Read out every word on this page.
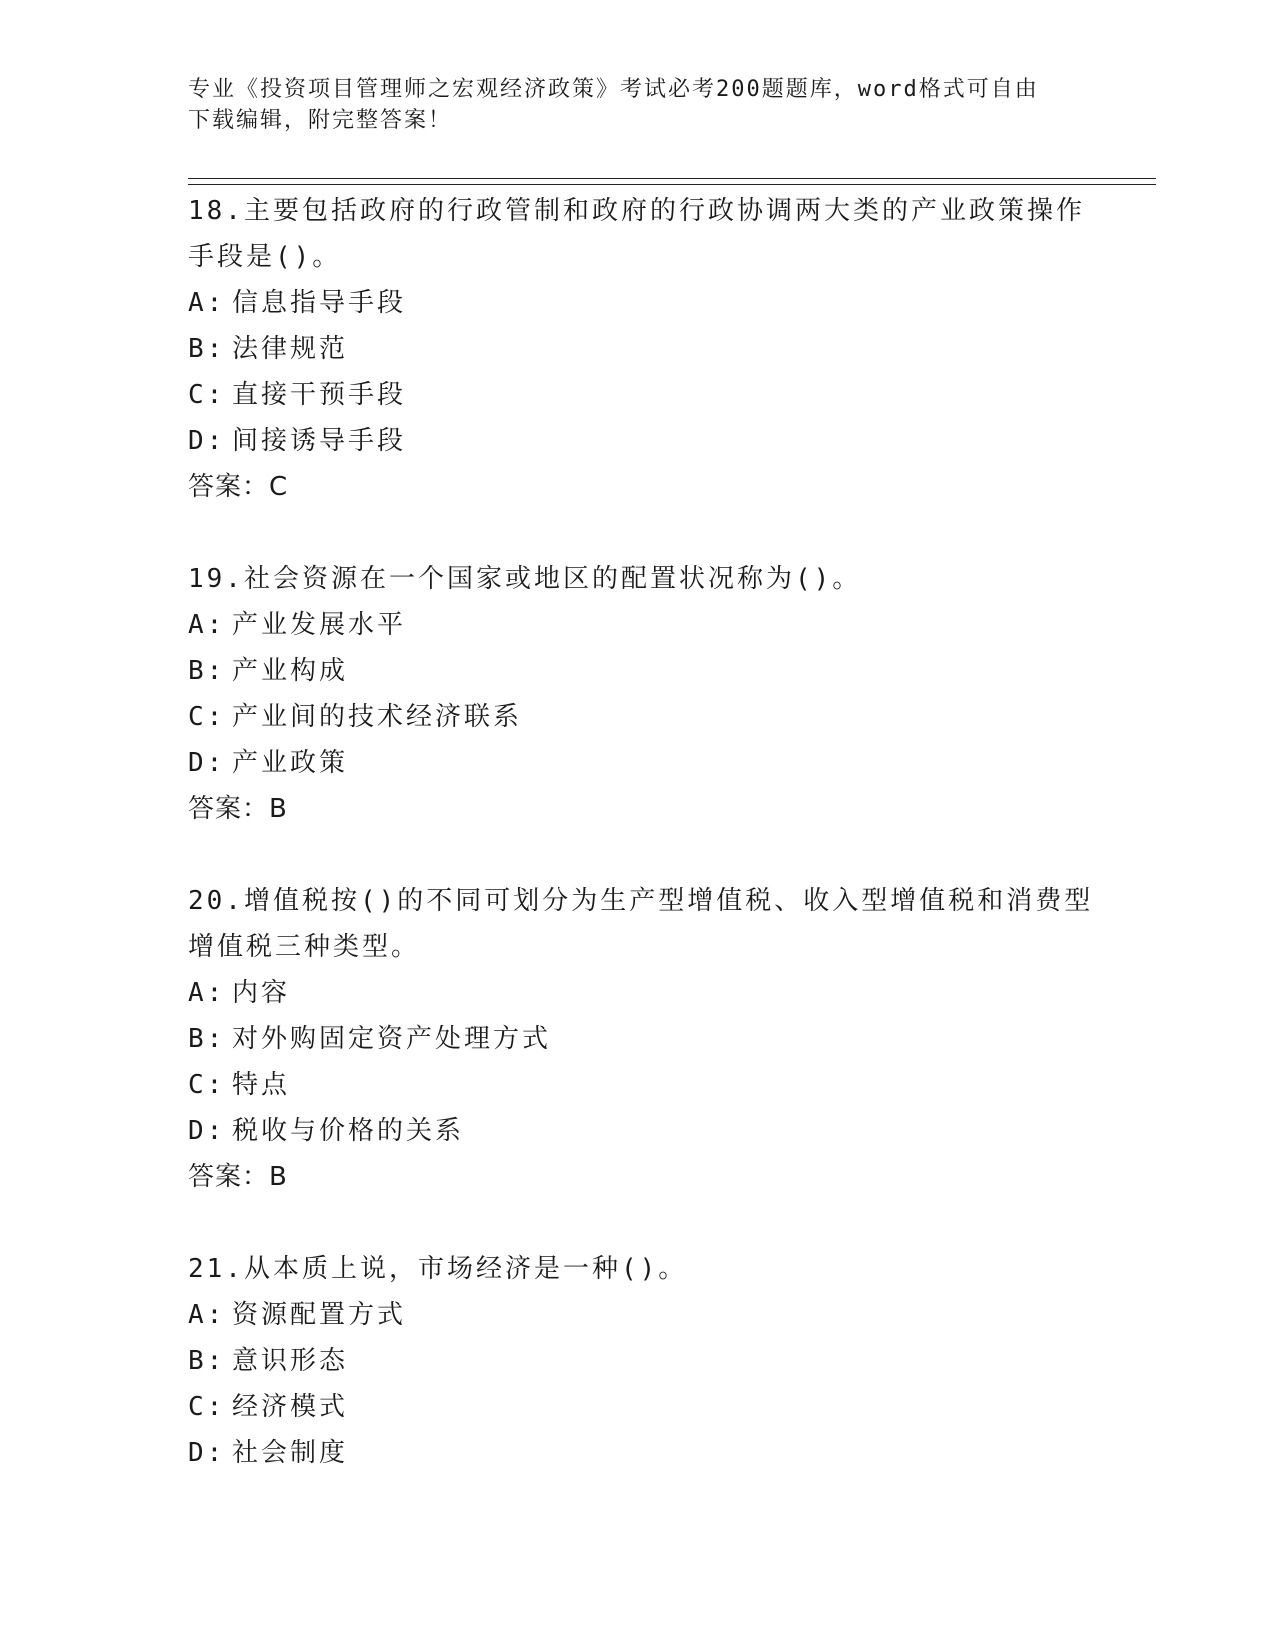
专业《投资项目管理师之宏观经济政策》考试必考200题题库，word格式可自由
下载编辑，附完整答案！
18.主要包括政府的行政管制和政府的行政协调两大类的产业政策操作
手段是()。
A: 信息指导手段
B: 法律规范
C: 直接干预手段
D: 间接诱导手段
答案：C
19.社会资源在一个国家或地区的配置状况称为()。
A: 产业发展水平
B: 产业构成
C: 产业间的技术经济联系
D: 产业政策
答案：B
20.增值税按()的不同可划分为生产型增值税、收入型增值税和消费型
增值税三种类型。
A: 内容
B: 对外购固定资产处理方式
C: 特点
D: 税收与价格的关系
答案：B
21.从本质上说，市场经济是一种()。
A: 资源配置方式
B: 意识形态
C: 经济模式
D: 社会制度
